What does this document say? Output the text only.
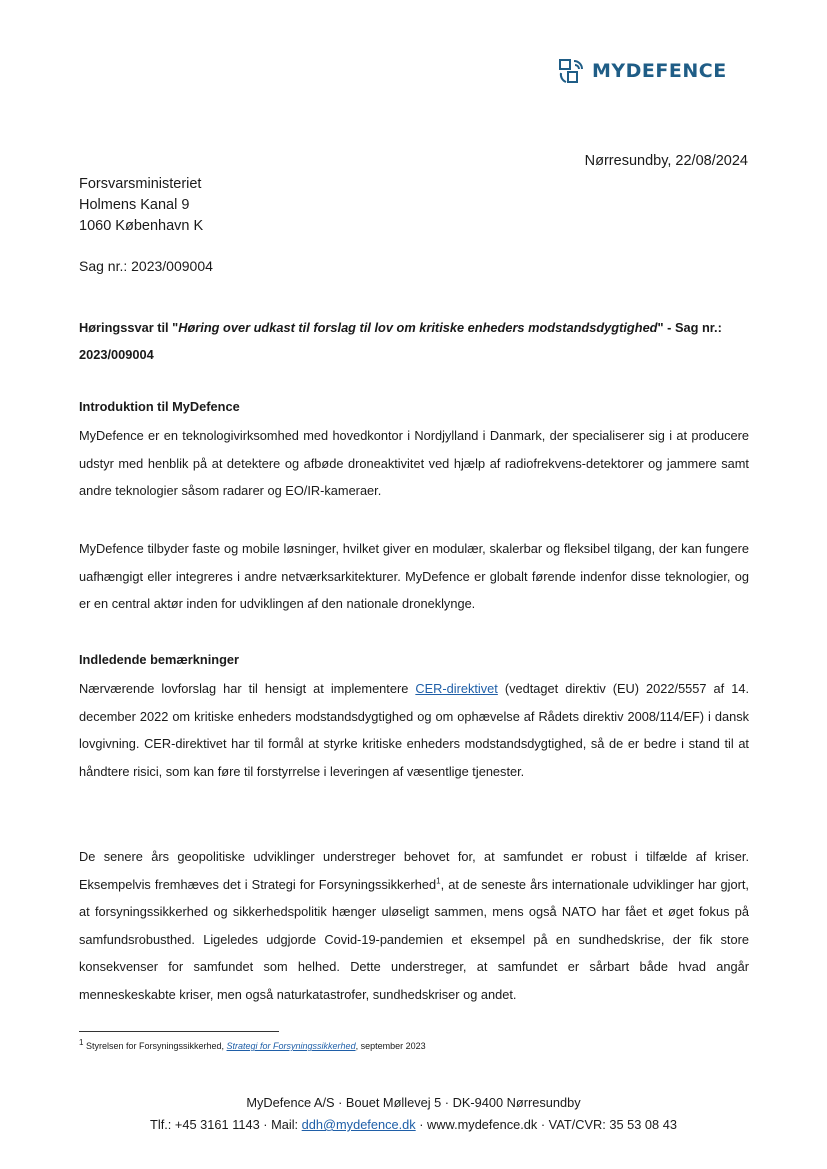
MYDEFENCE
Nørresundby, 22/08/2024
Forsvarsministeriet
Holmens Kanal 9
1060 København K
Sag nr.: 2023/009004
Høringssvar til "Høring over udkast til forslag til lov om kritiske enheders modstandsdygtighed" - Sag nr.: 2023/009004
Introduktion til MyDefence
MyDefence er en teknologivirksomhed med hovedkontor i Nordjylland i Danmark, der specialiserer sig i at producere udstyr med henblik på at detektere og afbøde droneaktivitet ved hjælp af radiofrekvens-detektorer og jammere samt andre teknologier såsom radarer og EO/IR-kameraer.
MyDefence tilbyder faste og mobile løsninger, hvilket giver en modulær, skalerbar og fleksibel tilgang, der kan fungere uafhængigt eller integreres i andre netværksarkitekturer. MyDefence er globalt førende indenfor disse teknologier, og er en central aktør inden for udviklingen af den nationale droneklynge.
Indledende bemærkninger
Nærværende lovforslag har til hensigt at implementere CER-direktivet (vedtaget direktiv (EU) 2022/5557 af 14. december 2022 om kritiske enheders modstandsdygtighed og om ophævelse af Rådets direktiv 2008/114/EF) i dansk lovgivning. CER-direktivet har til formål at styrke kritiske enheders modstandsdygtighed, så de er bedre i stand til at håndtere risici, som kan føre til forstyrrelse i leveringen af væsentlige tjenester.
De senere års geopolitiske udviklinger understreger behovet for, at samfundet er robust i tilfælde af kriser. Eksempelvis fremhæves det i Strategi for Forsyningssikkerhed$^1$, at de seneste års internationale udviklinger har gjort, at forsyningssikkerhed og sikkerhedspolitik hænger uløseligt sammen, mens også NATO har fået et øget fokus på samfundsrobusthed. Ligeledes udgjorde Covid-19-pandemien et eksempel på en sundhedskrise, der fik store konsekvenser for samfundet som helhed. Dette understreger, at samfundet er sårbart både hvad angår menneskeskabte kriser, men også naturkatastrofer, sundhedskriser og andet.
$^1$ Styrelsen for Forsyningssikkerhed, Strategi for Forsyningssikkerhed, september 2023
MyDefence A/S · Bouet Møllevej 5 · DK-9400 Nørresundby
Tlf.: +45 3161 1143 · Mail: ddh@mydefence.dk · www.mydefence.dk · VAT/CVR: 35 53 08 43
